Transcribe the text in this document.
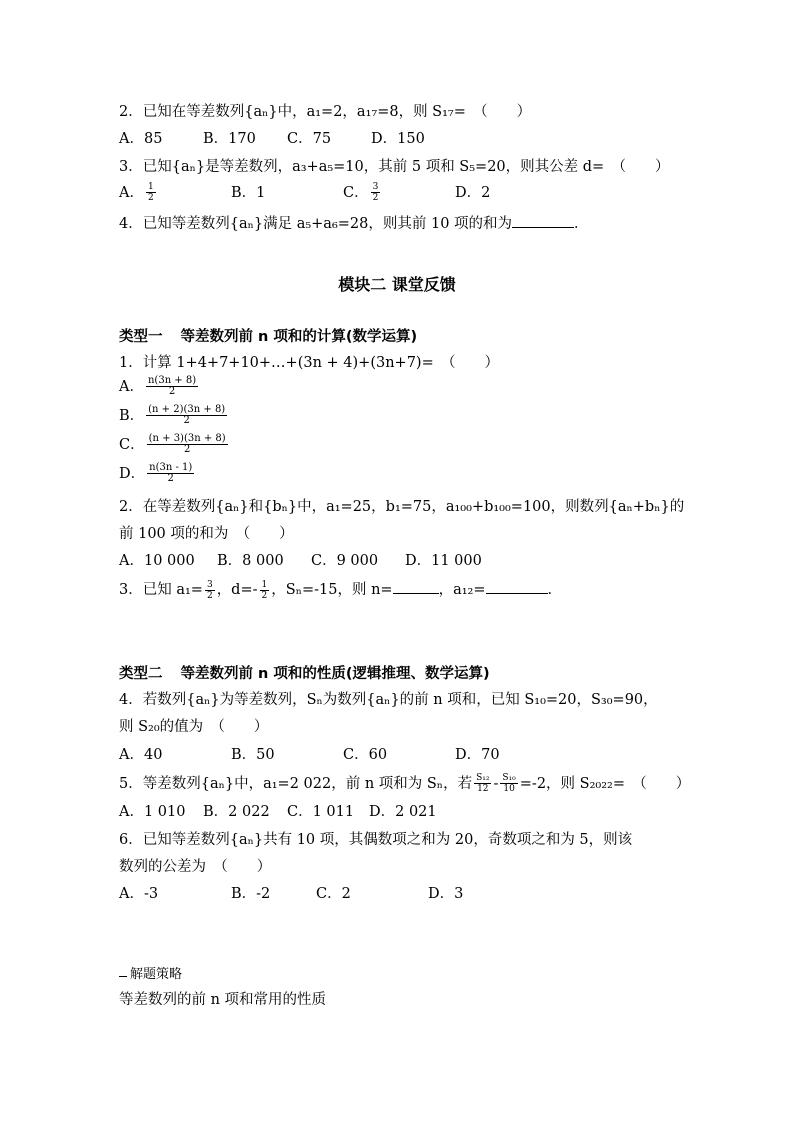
2．已知在等差数列{aₙ}中，a₁=2，a₁₇=8，则 S₁₇=　（　　）
A．85	B．170 C．75	D．150
3．已知{aₙ}是等差数列，a₃+a₅=10，其前 5 项和 S₅=20，则其公差 d=　（　　）
A． $\frac{1}{2}$	B．1	C． $\frac{3}{2}$	D．2
4．已知等差数列{aₙ}满足 a₅+a₆=28，则其前 10 项的和为	．
模块二 课堂反馈
类型一 等差数列前 n 项和的计算(数学运算)
1．计算 1+4+7+10+…+(3n + 4)+(3n+7)=　（　　）
A． $\frac{n(3n + 8)}{2}$
B． $\frac{(n + 2)(3n + 8)}{2}$
C． $\frac{(n + 3)(3n + 8)}{2}$
D． $\frac{n(3n - 1)}{2}$
2．在等差数列{aₙ}和{bₙ}中，a₁=25，b₁=75，a₁₀₀+b₁₀₀=100，则数列{aₙ+bₙ}的
前 100 项的和为　（　　）
A．10 000 B．8 000 C．9 000 D．11 000
3．已知 $a_1= \frac{3}{2}$ ，$d=- \frac{1}{2}$ ，Sₙ=-15，则 n=	，a₁₂=	．
类型二 等差数列前 n 项和的性质(逻辑推理、数学运算)
4．若数列{aₙ}为等差数列，Sₙ为数列{aₙ}的前 n 项和，已知 S₁₀=20，S₃₀=90，
则 S₂₀的值为　（　　）
A．40	B．50	C．60	D．70
5．等差数列{aₙ}中，a₁=2 022，前 n 项和为 Sₙ，若 $\frac{\text{S₁₂}}{12} - \frac{\text{S₁₀}}{10} =-2$，则 S₂₀₂₂=　（　　）
A．1 010 B．2 022 C．1 011 D．2 021
6．已知等差数列{aₙ}共有 10 项，其偶数项之和为 20，奇数项之和为 5，则该
数列的公差为　（　　）
A．-3	B．-2	C．2	D．3
解题策略
等差数列的前 n 项和常用的性质
